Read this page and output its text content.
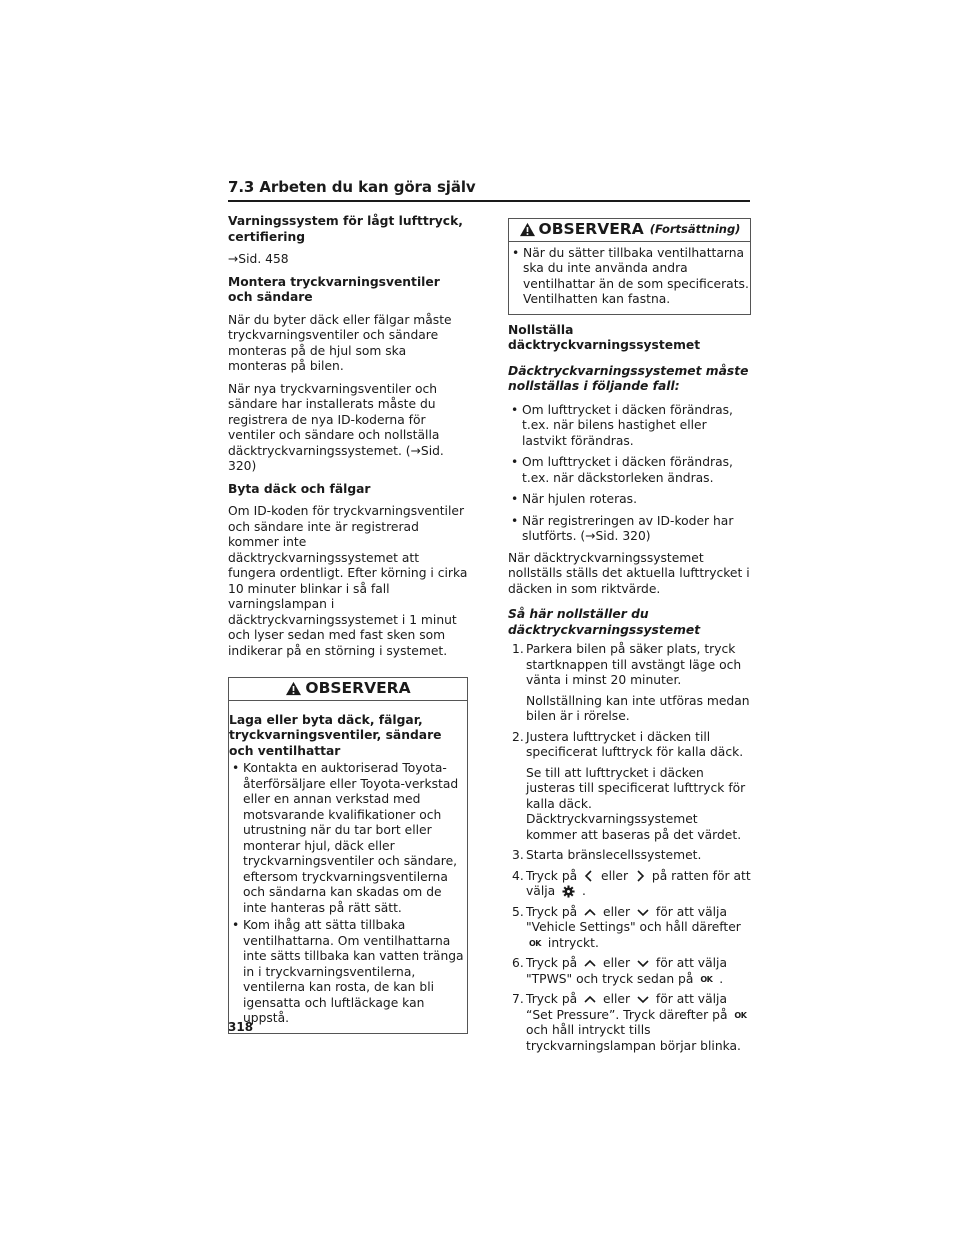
7.3 Arbeten du kan göra själv
Varningssystem för lågt lufttryck, certifiering

→Sid. 458

Montera tryckvarningsventiler och sändare

När du byter däck eller fälgar måste tryckvarningsventiler och sändare monteras på de hjul som ska monteras på bilen.

När nya tryckvarningsventiler och sändare har installerats måste du registrera de nya ID-koderna för ventiler och sändare och nollställa däcktryckvarningssystemet. (→Sid. 320)

Byta däck och fälgar

Om ID-koden för tryckvarningsventiler och sändare inte är registrerad kommer inte däcktryckvarningssystemet att fungera ordentligt. Efter körning i cirka 10 minuter blinkar i så fall varningslampan i däcktryckvarningssystemet i 1 minut och lyser sedan med fast sken som indikerar på en störning i systemet.

OBSERVERA
Laga eller byta däck, fälgar, tryckvarningsventiler, sändare och ventilhattar
• Kontakta en auktoriserad Toyota-återförsäljare eller Toyota-verkstad eller en annan verkstad med motsvarande kvalifikationer och utrustning när du tar bort eller monterar hjul, däck eller tryckvarningsventiler och sändare, eftersom tryckvarningsventilerna och sändarna kan skadas om de inte hanteras på rätt sätt.
• Kom ihåg att sätta tillbaka ventilhattarna. Om ventilhattarna inte sätts tillbaka kan vatten tränga in i tryckvarningsventilerna, ventilerna kan rosta, de kan bli igensatta och luftläckage kan uppstå.
OBSERVERA (Fortsättning)
• När du sätter tillbaka ventilhattarna ska du inte använda andra ventilhattar än de som specificerats. Ventilhatten kan fastna.
Nollställa däcktryckvarningssystemet
Däcktryckvarningssystemet måste nollställas i följande fall:
• Om lufttrycket i däcken förändras, t.ex. när bilens hastighet eller lastvikt förändras.
• Om lufttrycket i däcken förändras, t.ex. när däckstorleken ändras.
• När hjulen roteras.
• När registreringen av ID-koder har slutförts. (→Sid. 320)

När däcktryckvarningssystemet nollställs ställs det aktuella lufttrycket i däcken in som riktvärde.

Så här nollställer du däcktryckvarningssystemet
1. Parkera bilen på säker plats, tryck startknappen till avstängt läge och vänta i minst 20 minuter.
Nollställning kan inte utföras medan bilen är i rörelse.
2. Justera lufttrycket i däcken till specificerat lufttryck för kalla däck.
Se till att lufttrycket i däcken justeras till specificerat lufttryck för kalla däck. Däcktryckvarningssystemet kommer att baseras på det värdet.
3. Starta bränslecellssystemet.
4. Tryck på eller på ratten för att välja .
5. Tryck på eller för att välja "Vehicle Settings" och håll därefter OK intryckt.
6. Tryck på eller för att välja "TPWS" och tryck sedan på OK .
7. Tryck på eller för att välja “Set Pressure”. Tryck därefter på OK och håll intryckt tills tryckvarningslampan börjar blinka.
318
